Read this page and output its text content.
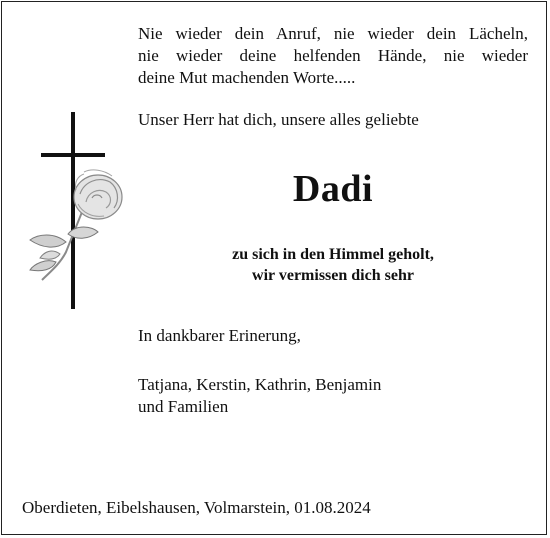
Nie wieder dein Anruf, nie wieder dein Lächeln,
nie wieder deine helfenden Hände, nie wieder
deine Mut machenden Worte.....
Unser Herr hat dich, unsere alles geliebte
Dadi
zu sich in den Himmel geholt,
wir vermissen dich sehr
In dankbarer Erinerung,
Tatjana, Kerstin, Kathrin, Benjamin
und Familien
Oberdieten, Eibelshausen, Volmarstein, 01.08.2024
